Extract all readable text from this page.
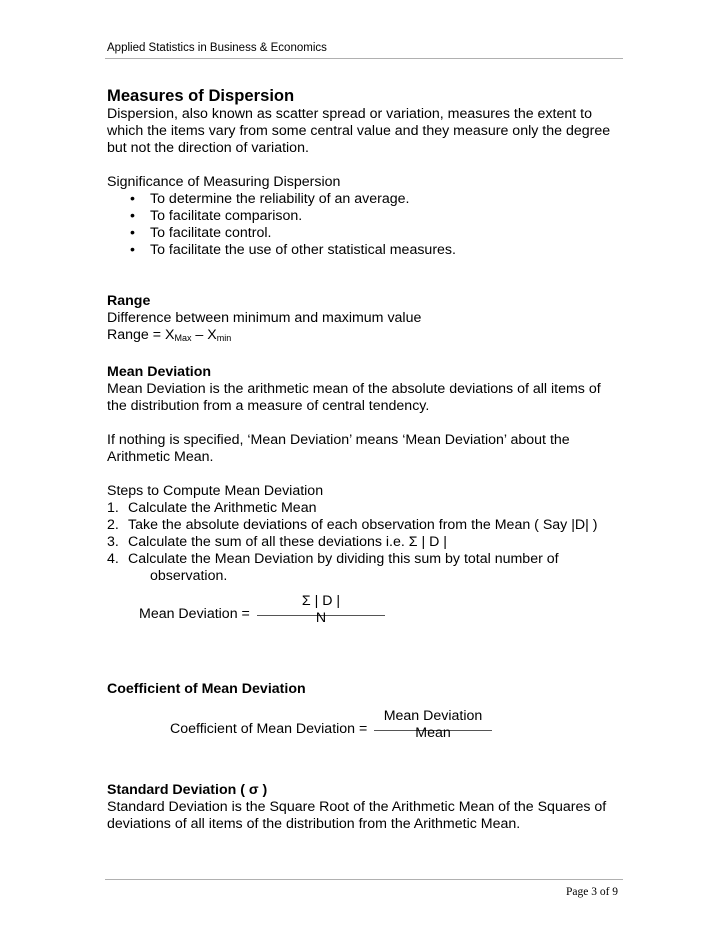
Applied Statistics in Business & Economics
Measures of Dispersion

Dispersion, also known as scatter spread or variation, measures the extent to

which the items vary from some central value and they measure only the degree

but not the direction of variation.

Significance of Measuring Dispersion

• To determine the reliability of an average.
• To facilitate comparison.
• To facilitate control.
• To facilitate the use of other statistical measures.
Range

Difference between minimum and maximum value

Range = $X_{Max} - X_{min}$

Mean Deviation

Mean Deviation is the arithmetic mean of the absolute deviations of all items of

the distribution from a measure of central tendency.

If nothing is specified, ‘Mean Deviation’ means ‘Mean Deviation’ about the

Arithmetic Mean.

Steps to Compute Mean Deviation

1. Calculate the Arithmetic Mean
2. Take the absolute deviations of each observation from the Mean ( Say |D| )
3. Calculate the sum of all these deviations i.e. Σ | D |
4. Calculate the Mean Deviation by dividing this sum by total number of
observation.
Mean Deviation =
Σ | D |
N
Coefficient of Mean Deviation
Coefficient of Mean Deviation =
Mean Deviation
Mean
Standard Deviation ( σ )

Standard Deviation is the Square Root of the Arithmetic Mean of the Squares of

deviations of all items of the distribution from the Arithmetic Mean.

Page 3 of 9
